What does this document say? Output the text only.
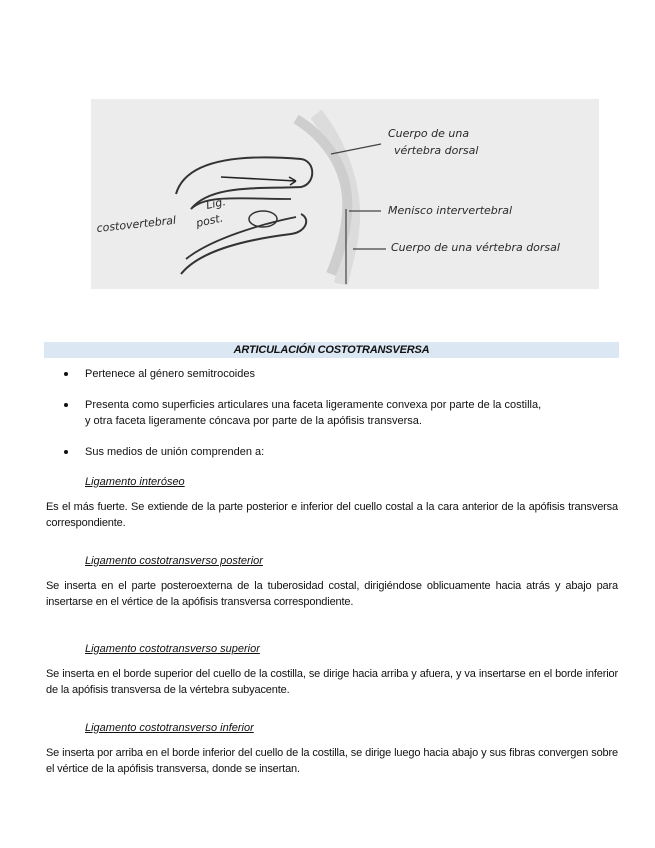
Cuerpo de una
vértebra dorsal
Menisco intervertebral
Cuerpo de una vértebra dorsal
Lig.
costovertebral post.
ARTICULACIÓN COSTOTRANSVERSA
Pertenece al género semitrocoides
Presenta como superficies articulares una faceta ligeramente convexa por parte de la costilla,
y otra faceta ligeramente cóncava por parte de la apófisis transversa.
Sus medios de unión comprenden a:
Ligamento interóseo
Es el más fuerte. Se extiende de la parte posterior e inferior del cuello costal a la cara anterior de la apófisis transversa correspondiente.
Ligamento costotransverso posterior
Se inserta en el parte posteroexterna de la tuberosidad costal, dirigiéndose oblicuamente hacia atrás y abajo para insertarse en el vértice de la apófisis transversa correspondiente.
Ligamento costotransverso superior
Se inserta en el borde superior del cuello de la costilla, se dirige hacia arriba y afuera, y va insertarse en el borde inferior de la apófisis transversa de la vértebra subyacente.
Ligamento costotransverso inferior
Se inserta por arriba en el borde inferior del cuello de la costilla, se dirige luego hacia abajo y sus fibras convergen sobre el vértice de la apófisis transversa, donde se insertan.
